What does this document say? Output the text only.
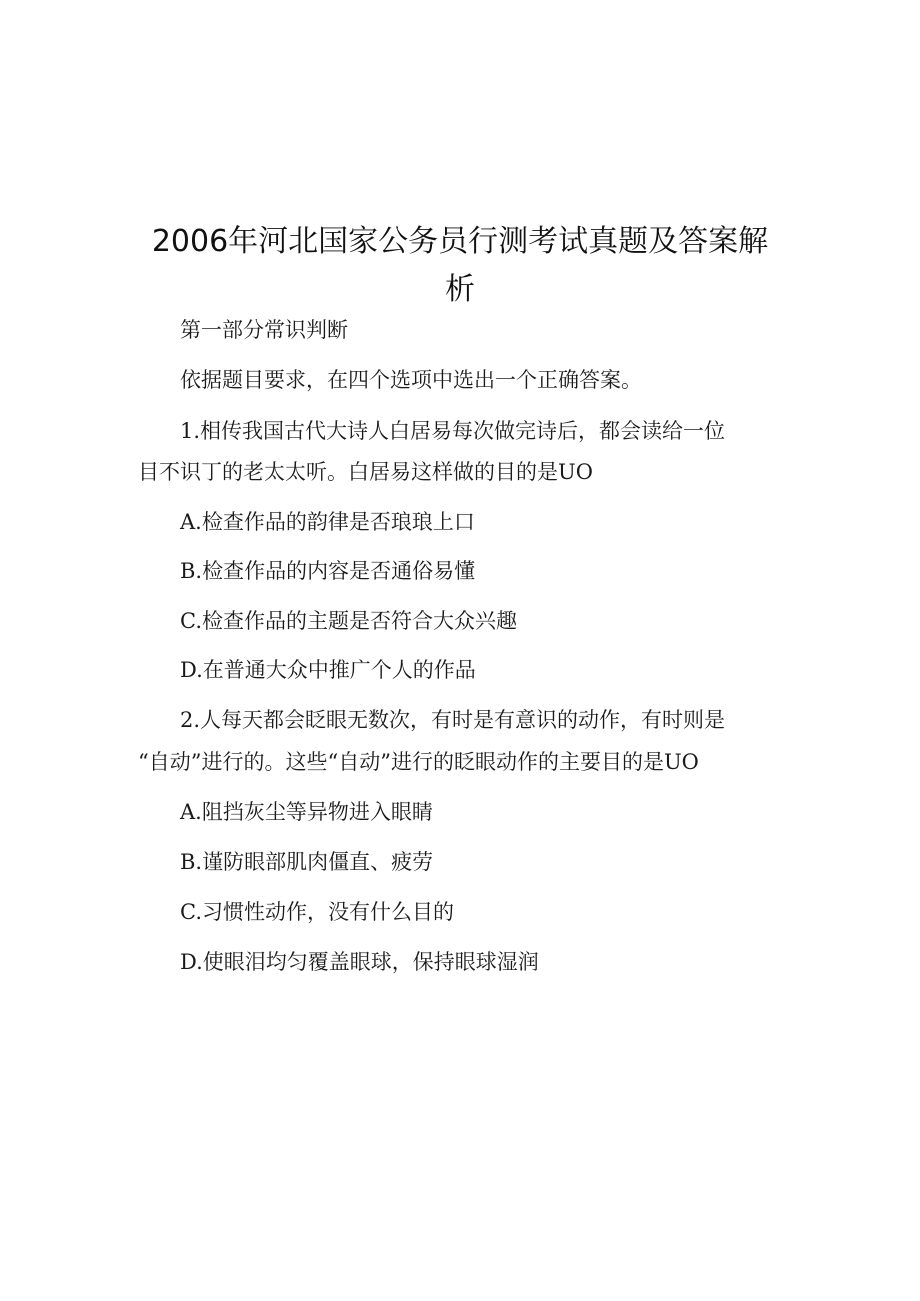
2006年河北国家公务员行测考试真题及答案解析
第一部分常识判断
依据题目要求，在四个选项中选出一个正确答案。
1.相传我国古代大诗人白居易每次做完诗后，都会读给一位
目不识丁的老太太听。白居易这样做的目的是UO
A.检查作品的韵律是否琅琅上口
B.检查作品的内容是否通俗易懂
C.检查作品的主题是否符合大众兴趣
D.在普通大众中推广个人的作品
2.人每天都会眨眼无数次，有时是有意识的动作，有时则是
“自动”进行的。这些“自动”进行的眨眼动作的主要目的是UO
A.阻挡灰尘等异物进入眼睛
B.谨防眼部肌肉僵直、疲劳
C.习惯性动作，没有什么目的
D.使眼泪均匀覆盖眼球，保持眼球湿润
